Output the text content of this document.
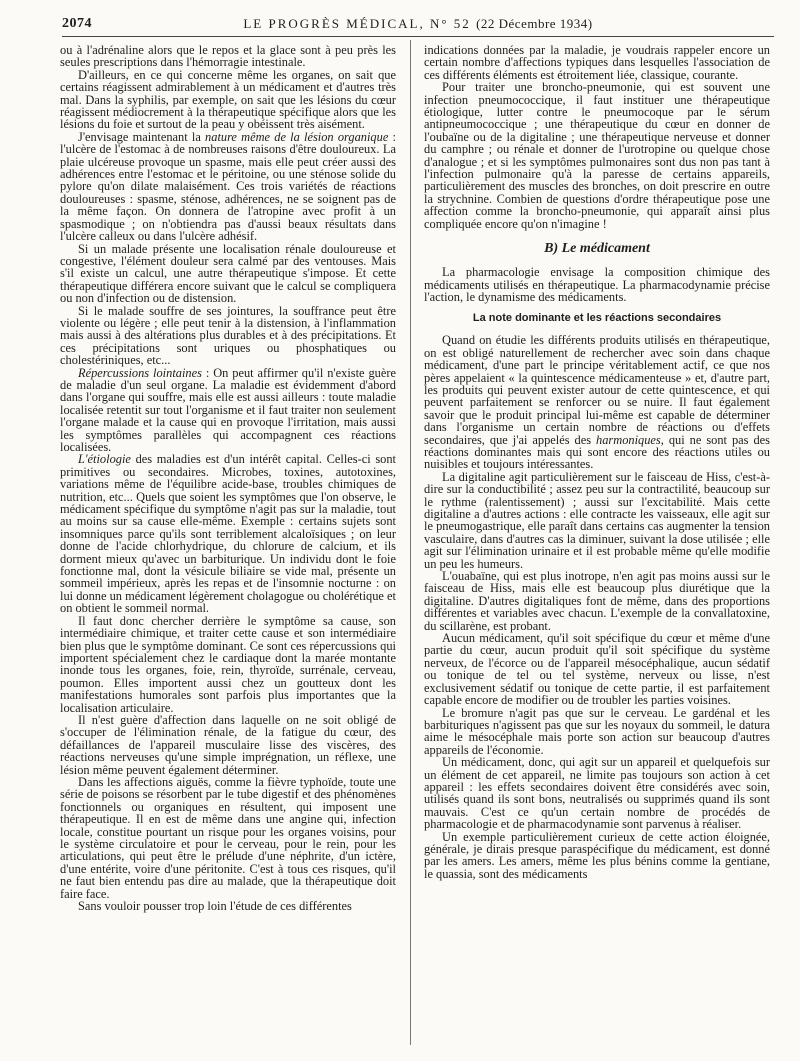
2074	LE PROGRÈS MÉDICAL, N° 52 (22 Décembre 1934)

ou à l'adrénaline alors que le repos et la glace sont à peu près les seules prescriptions dans l'hémorragie intestinale.

D'ailleurs, en ce qui concerne même les organes, on sait que certains réagissent admirablement à un médicament et d'autres très mal. Dans la syphilis, par exemple, on sait que les lésions du cœur réagissent médiocrement à la thérapeutique spécifique alors que les lésions du foie et surtout de la peau y obéissent très aisément.

J'envisage maintenant la nature même de la lésion organique : l'ulcère de l'estomac à de nombreuses raisons d'être douloureux. La plaie ulcéreuse provoque un spasme, mais elle peut créer aussi des adhérences entre l'estomac et le péritoine, ou une sténose solide du pylore qu'on dilate malaisément. Ces trois variétés de réactions douloureuses : spasme, sténose, adhérences, ne se soignent pas de la même façon. On donnera de l'atropine avec profit à un spasmodique ; on n'obtiendra pas d'aussi beaux résultats dans l'ulcère calleux ou dans l'ulcère adhésif.

Si un malade présente une localisation rénale douloureuse et congestive, l'élément douleur sera calmé par des ventouses. Mais s'il existe un calcul, une autre thérapeutique s'impose. Et cette thérapeutique différera encore suivant que le calcul se compliquera ou non d'infection ou de distension.

Si le malade souffre de ses jointures, la souffrance peut être violente ou légère ; elle peut tenir à la distension, à l'inflammation mais aussi à des altérations plus durables et à des précipitations. Et ces précipitations sont uriques ou phosphatiques ou cholestériniques, etc...

Répercussions lointaines : On peut affirmer qu'il n'existe guère de maladie d'un seul organe. La maladie est évidemment d'abord dans l'organe qui souffre, mais elle est aussi ailleurs : toute maladie localisée retentit sur tout l'organisme et il faut traiter non seulement l'organe malade et la cause qui en provoque l'irritation, mais aussi les symptômes parallèles qui accompagnent ces réactions localisées.

L'étiologie des maladies est d'un intérêt capital. Celles-ci sont primitives ou secondaires. Microbes, toxines, autotoxines, variations même de l'équilibre acide-base, troubles chimiques de nutrition, etc... Quels que soient les symptômes que l'on observe, le médicament spécifique du symptôme n'agit pas sur la maladie, tout au moins sur sa cause elle-même. Exemple : certains sujets sont insomniques parce qu'ils sont terriblement alcaloïsiques ; on leur donne de l'acide chlorhydrique, du chlorure de calcium, et ils dorment mieux qu'avec un barbiturique. Un individu dont le foie fonctionne mal, dont la vésicule biliaire se vide mal, présente un sommeil impérieux, après les repas et de l'insomnie nocturne : on lui donne un médicament légèrement cholagogue ou cholérétique et on obtient le sommeil normal.

Il faut donc chercher derrière le symptôme sa cause, son intermédiaire chimique, et traiter cette cause et son intermédiaire bien plus que le symptôme dominant. Ce sont ces répercussions qui importent spécialement chez le cardiaque dont la marée montante inonde tous les organes, foie, rein, thyroïde, surrénale, cerveau, poumon. Elles importent aussi chez un goutteux dont les manifestations humorales sont parfois plus importantes que la localisation articulaire.

Il n'est guère d'affection dans laquelle on ne soit obligé de s'occuper de l'élimination rénale, de la fatigue du cœur, des défaillances de l'appareil musculaire lisse des viscères, des réactions nerveuses qu'une simple imprégnation, un réflexe, une lésion même peuvent également déterminer.

Dans les affections aiguës, comme la fièvre typhoïde, toute une série de poisons se résorbent par le tube digestif et des phénomènes fonctionnels ou organiques en résultent, qui imposent une thérapeutique. Il en est de même dans une angine qui, infection locale, constitue pourtant un risque pour les organes voisins, pour le système circulatoire et pour le cerveau, pour le rein, pour les articulations, qui peut être le prélude d'une néphrite, d'un ictère, d'une entérite, voire d'une péritonite. C'est à tous ces risques, qu'il ne faut bien entendu pas dire au malade, que la thérapeutique doit faire face.

Sans vouloir pousser trop loin l'étude de ces différentes

indications données par la maladie, je voudrais rappeler encore un certain nombre d'affections typiques dans lesquelles l'association de ces différents éléments est étroitement liée, classique, courante.

Pour traiter une broncho-pneumonie, qui est souvent une infection pneumococcique, il faut instituer une thérapeutique étiologique, lutter contre le pneumocoque par le sérum antipneumococcique ; une thérapeutique du cœur en donner de l'oubaïne ou de la digitaline ; une thérapeutique nerveuse et donner du camphre ; ou rénale et donner de l'urotropine ou quelque chose d'analogue ; et si les symptômes pulmonaires sont dus non pas tant à l'infection pulmonaire qu'à la paresse de certains appareils, particulièrement des muscles des bronches, on doit prescrire en outre la strychnine. Combien de questions d'ordre thérapeutique pose une affection comme la broncho-pneumonie, qui apparaît ainsi plus compliquée encore qu'on n'imagine !

B) Le médicament

La pharmacologie envisage la composition chimique des médicaments utilisés en thérapeutique. La pharmacodynamie précise l'action, le dynamisme des médicaments.

La note dominante et les réactions secondaires

Quand on étudie les différents produits utilisés en thérapeutique, on est obligé naturellement de rechercher avec soin dans chaque médicament, d'une part le principe véritablement actif, ce que nos pères appelaient « la quintescence médicamenteuse » et, d'autre part, les produits qui peuvent exister autour de cette quintescence, et qui peuvent parfaitement se renforcer ou se nuire. Il faut également savoir que le produit principal lui-même est capable de déterminer dans l'organisme un certain nombre de réactions ou d'effets secondaires, que j'ai appelés des harmoniques, qui ne sont pas des réactions dominantes mais qui sont encore des réactions utiles ou nuisibles et toujours intéressantes.

La digitaline agit particulièrement sur le faisceau de Hiss, c'est-à-dire sur la conductibilité ; assez peu sur la contractilité, beaucoup sur le rythme (ralentissement) ; aussi sur l'excitabilité. Mais cette digitaline a d'autres actions : elle contracte les vaisseaux, elle agit sur le pneumogastrique, elle paraît dans certains cas augmenter la tension vasculaire, dans d'autres cas la diminuer, suivant la dose utilisée ; elle agit sur l'élimination urinaire et il est probable même qu'elle modifie un peu les humeurs.

L'ouabaïne, qui est plus inotrope, n'en agit pas moins aussi sur le faisceau de Hiss, mais elle est beaucoup plus diurétique que la digitaline. D'autres digitaliques font de même, dans des proportions différentes et variables avec chacun. L'exemple de la convallatoxine, du scillarène, est probant.

Aucun médicament, qu'il soit spécifique du cœur et même d'une partie du cœur, aucun produit qu'il soit spécifique du système nerveux, de l'écorce ou de l'appareil mésocéphalique, aucun sédatif ou tonique de tel ou tel système, nerveux ou lisse, n'est exclusivement sédatif ou tonique de cette partie, il est parfaitement capable encore de modifier ou de troubler les parties voisines.

Le bromure n'agit pas que sur le cerveau. Le gardénal et les barbituriques n'agissent pas que sur les noyaux du sommeil, le datura aime le mésocéphale mais porte son action sur beaucoup d'autres appareils de l'économie.

Un médicament, donc, qui agit sur un appareil et quelquefois sur un élément de cet appareil, ne limite pas toujours son action à cet appareil : les effets secondaires doivent être considérés avec soin, utilisés quand ils sont bons, neutralisés ou supprimés quand ils sont mauvais. C'est ce qu'un certain nombre de procédés de pharmacologie et de pharmacodynamie sont parvenus à réaliser.

Un exemple particulièrement curieux de cette action éloignée, générale, je dirais presque paraspécifique du médicament, est donné par les amers. Les amers, même les plus bénins comme la gentiane, le quassia, sont des médicaments
